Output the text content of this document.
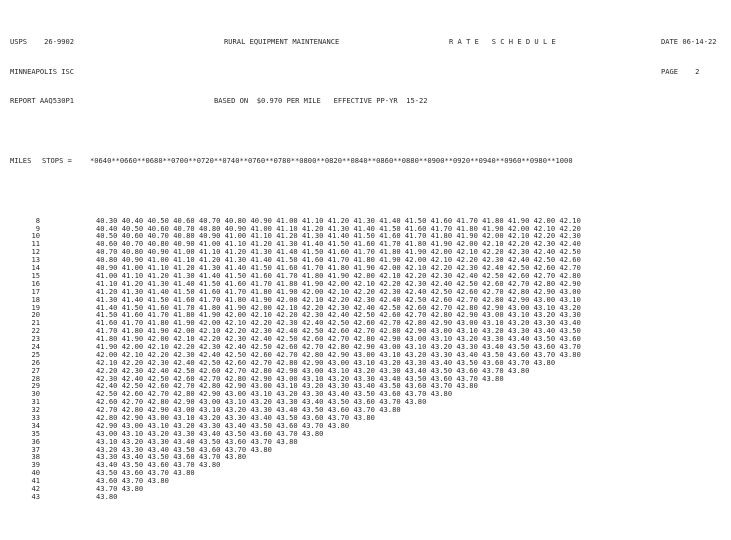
USPS    26-9902

	RURAL EQUIPMENT MAINTENANCE

	R A T E   S C H E D U L E

	DATE 06-14-22

MINNEAPOLIS ISC

	PAGE    2

REPORT AAQ530P1

	BASED ON  $0.970 PER MILE   EFFECTIVE PP-YR  15-22

MILES	STOPS =	*0640**0660**0680**0700**0720**0740**0760**0780**0800**0820**0840**0860**0880**0900**0920**0940**0960**0980**1000

8	40.30 40.40 40.50 40.60 40.70 40.80 40.90 41.00 41.10 41.20 41.30 41.40 41.50 41.60 41.70 41.80 41.90 42.00 42.10
9	40.40 40.50 40.60 40.70 40.80 40.90 41.00 41.10 41.20 41.30 41.40 41.50 41.60 41.70 41.80 41.90 42.00 42.10 42.20
10	40.50 40.60 40.70 40.80 40.90 41.00 41.10 41.20 41.30 41.40 41.50 41.60 41.70 41.80 41.90 42.00 42.10 42.20 42.30
11	40.60 40.70 40.80 40.90 41.00 41.10 41.20 41.30 41.40 41.50 41.60 41.70 41.80 41.90 42.00 42.10 42.20 42.30 42.40
12	40.70 40.80 40.90 41.00 41.10 41.20 41.30 41.40 41.50 41.60 41.70 41.80 41.90 42.00 42.10 42.20 42.30 42.40 42.50
13	40.80 40.90 41.00 41.10 41.20 41.30 41.40 41.50 41.60 41.70 41.80 41.90 42.00 42.10 42.20 42.30 42.40 42.50 42.60
14	40.90 41.00 41.10 41.20 41.30 41.40 41.50 41.60 41.70 41.80 41.90 42.00 42.10 42.20 42.30 42.40 42.50 42.60 42.70
15	41.00 41.10 41.20 41.30 41.40 41.50 41.60 41.70 41.80 41.90 42.00 42.10 42.20 42.30 42.40 42.50 42.60 42.70 42.80
16	41.10 41.20 41.30 41.40 41.50 41.60 41.70 41.80 41.90 42.00 42.10 42.20 42.30 42.40 42.50 42.60 42.70 42.80 42.90
17	41.20 41.30 41.40 41.50 41.60 41.70 41.80 41.90 42.00 42.10 42.20 42.30 42.40 42.50 42.60 42.70 42.80 42.90 43.00
18	41.30 41.40 41.50 41.60 41.70 41.80 41.90 42.00 42.10 42.20 42.30 42.40 42.50 42.60 42.70 42.80 42.90 43.00 43.10
19	41.40 41.50 41.60 41.70 41.80 41.90 42.00 42.10 42.20 42.30 42.40 42.50 42.60 42.70 42.80 42.90 43.00 43.10 43.20
20	41.50 41.60 41.70 41.80 41.90 42.00 42.10 42.20 42.30 42.40 42.50 42.60 42.70 42.80 42.90 43.00 43.10 43.20 43.30
21	41.60 41.70 41.80 41.90 42.00 42.10 42.20 42.30 42.40 42.50 42.60 42.70 42.80 42.90 43.00 43.10 43.20 43.30 43.40
22	41.70 41.80 41.90 42.00 42.10 42.20 42.30 42.40 42.50 42.60 42.70 42.80 42.90 43.00 43.10 43.20 43.30 43.40 43.50
23	41.80 41.90 42.00 42.10 42.20 42.30 42.40 42.50 42.60 42.70 42.80 42.90 43.00 43.10 43.20 43.30 43.40 43.50 43.60
24	41.90 42.00 42.10 42.20 42.30 42.40 42.50 42.60 42.70 42.80 42.90 43.00 43.10 43.20 43.30 43.40 43.50 43.60 43.70
25	42.00 42.10 42.20 42.30 42.40 42.50 42.60 42.70 42.80 42.90 43.00 43.10 43.20 43.30 43.40 43.50 43.60 43.70 43.80
26	42.10 42.20 42.30 42.40 42.50 42.60 42.70 42.80 42.90 43.00 43.10 43.20 43.30 43.40 43.50 43.60 43.70 43.80
27	42.20 42.30 42.40 42.50 42.60 42.70 42.80 42.90 43.00 43.10 43.20 43.30 43.40 43.50 43.60 43.70 43.80
28	42.30 42.40 42.50 42.60 42.70 42.80 42.90 43.00 43.10 43.20 43.30 43.40 43.50 43.60 43.70 43.80
29	42.40 42.50 42.60 42.70 42.80 42.90 43.00 43.10 43.20 43.30 43.40 43.50 43.60 43.70 43.80
30	42.50 42.60 42.70 42.80 42.90 43.00 43.10 43.20 43.30 43.40 43.50 43.60 43.70 43.80
31	42.60 42.70 42.80 42.90 43.00 43.10 43.20 43.30 43.40 43.50 43.60 43.70 43.80
32	42.70 42.80 42.90 43.00 43.10 43.20 43.30 43.40 43.50 43.60 43.70 43.80
33	42.80 42.90 43.00 43.10 43.20 43.30 43.40 43.50 43.60 43.70 43.80
34	42.90 43.00 43.10 43.20 43.30 43.40 43.50 43.60 43.70 43.80
35	43.00 43.10 43.20 43.30 43.40 43.50 43.60 43.70 43.80
36	43.10 43.20 43.30 43.40 43.50 43.60 43.70 43.80
37	43.20 43.30 43.40 43.50 43.60 43.70 43.80
38	43.30 43.40 43.50 43.60 43.70 43.80
39	43.40 43.50 43.60 43.70 43.80
40	43.50 43.60 43.70 43.80
41	43.60 43.70 43.80
42	43.70 43.80
43	43.80
